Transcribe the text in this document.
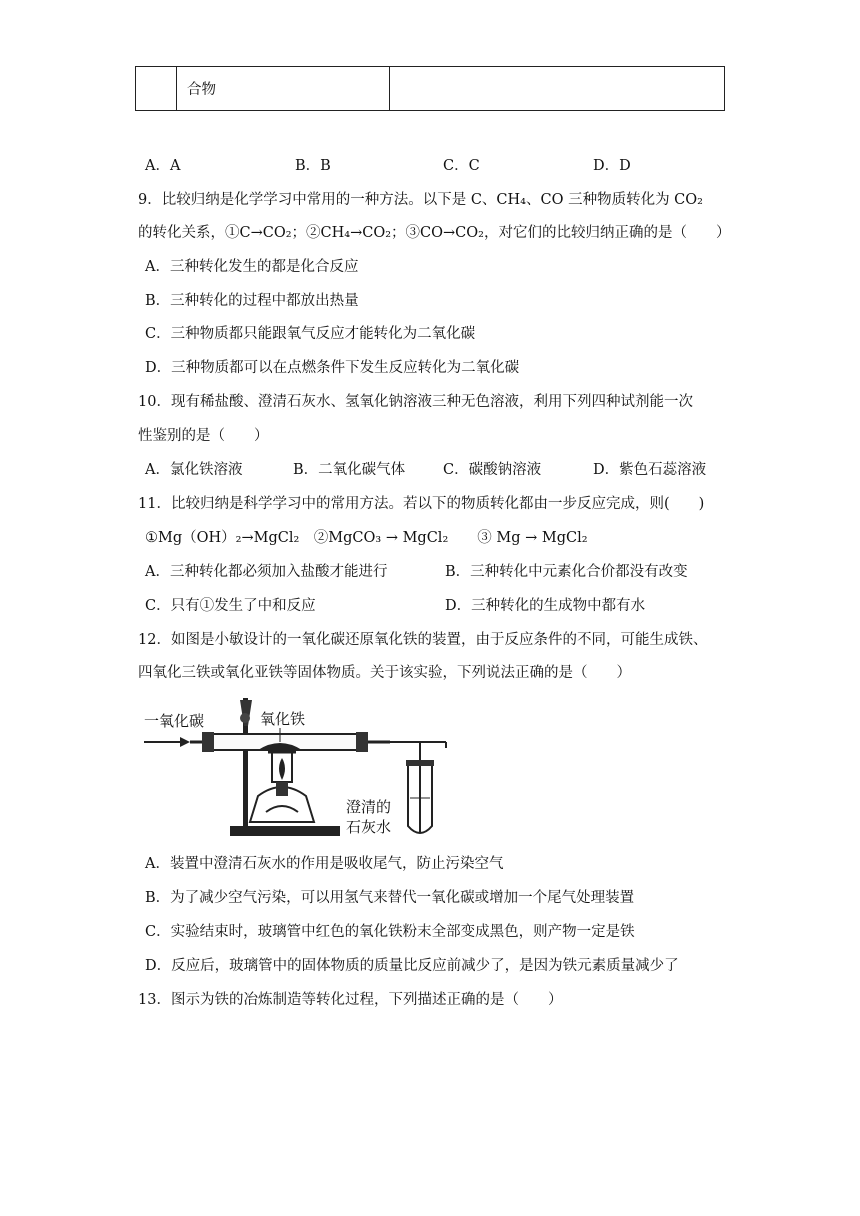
	合物	
A．A	B．B	C．C	D．D
9．比较归纳是化学学习中常用的一种方法。以下是 C、CH₄、CO 三种物质转化为 CO₂
的转化关系，①C→CO₂；②CH₄→CO₂；③CO→CO₂，对它们的比较归纳正确的是（　　）
A．三种转化发生的都是化合反应
B．三种转化的过程中都放出热量
C．三种物质都只能跟氧气反应才能转化为二氧化碳
D．三种物质都可以在点燃条件下发生反应转化为二氧化碳
10．现有稀盐酸、澄清石灰水、氢氧化钠溶液三种无色溶液，利用下列四种试剂能一次
性鉴别的是（　　）
A．氯化铁溶液	B．二氧化碳气体	C．碳酸钠溶液	D．紫色石蕊溶液
11．比较归纳是科学学习中的常用方法。若以下的物质转化都由一步反应完成，则(　　)
①Mg（OH）₂→MgCl₂　②MgCO₃ → MgCl₂　　③ Mg → MgCl₂
A．三种转化都必须加入盐酸才能进行	B．三种转化中元素化合价都没有改变
C．只有①发生了中和反应	D．三种转化的生成物中都有水
12．如图是小敏设计的一氧化碳还原氧化铁的装置，由于反应条件的不同，可能生成铁、
四氧化三铁或氧化亚铁等固体物质。关于该实验，下列说法正确的是（　　）
一氧化碳	氧化铁
澄清的
石灰水
A．装置中澄清石灰水的作用是吸收尾气，防止污染空气
B．为了减少空气污染，可以用氢气来替代一氧化碳或增加一个尾气处理装置
C．实验结束时，玻璃管中红色的氧化铁粉末全部变成黑色，则产物一定是铁
D．反应后，玻璃管中的固体物质的质量比反应前减少了，是因为铁元素质量减少了
13．图示为铁的冶炼制造等转化过程，下列描述正确的是（　　）
